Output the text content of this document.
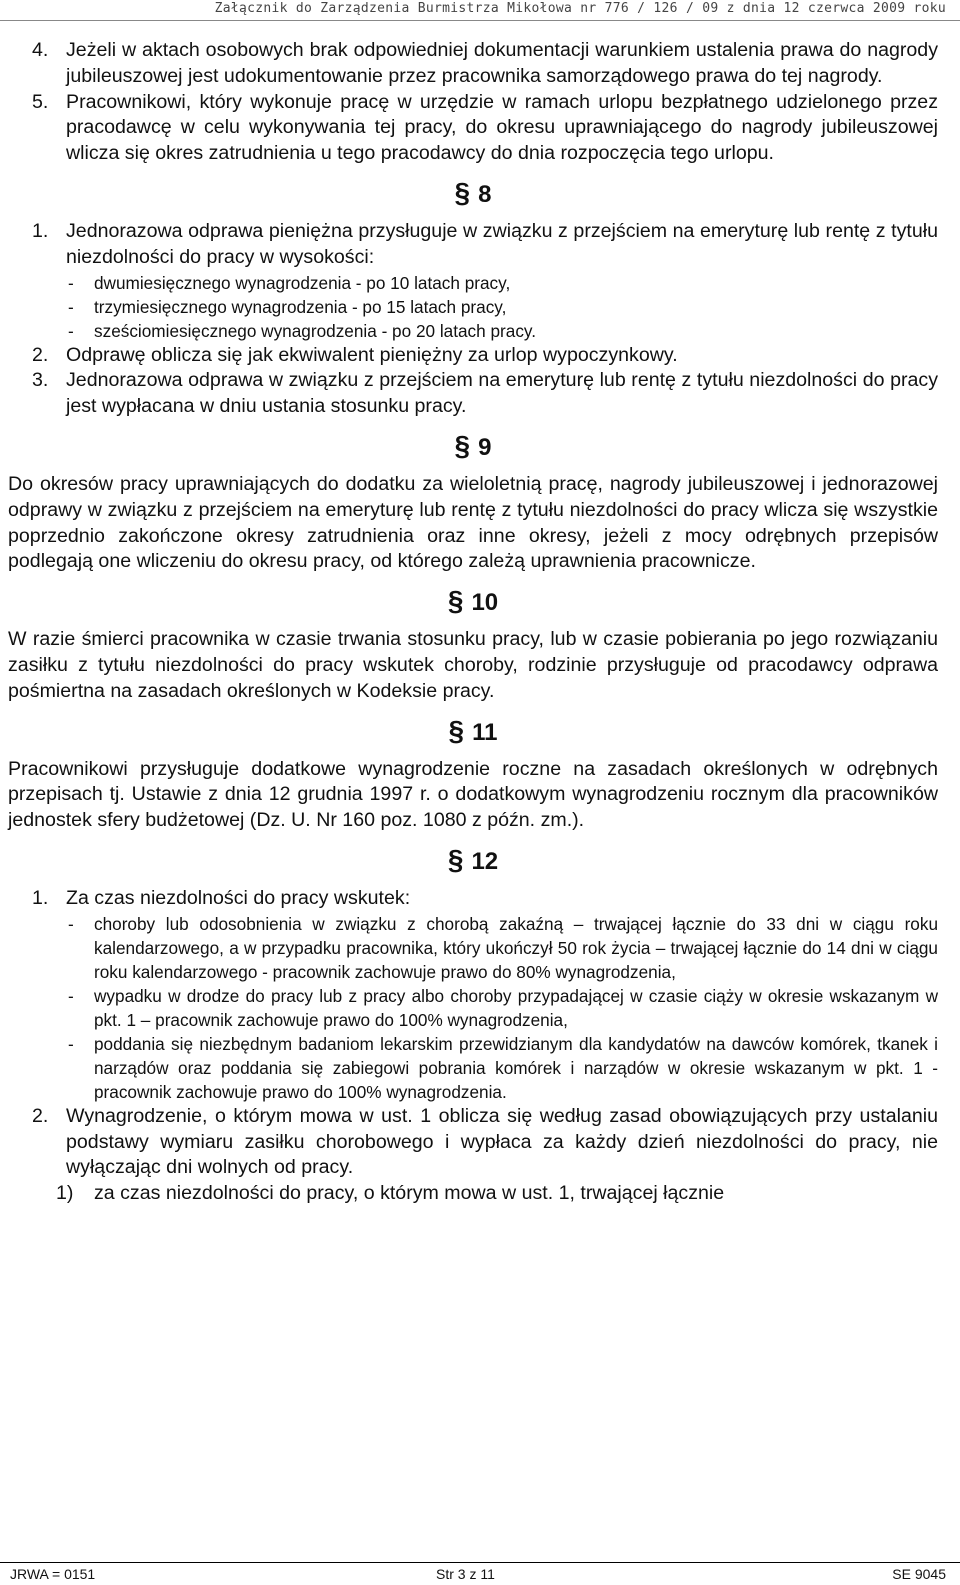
Załącznik do Zarządzenia Burmistrza Mikołowa nr 776 / 126 / 09 z dnia 12 czerwca 2009 roku
4. Jeżeli w aktach osobowych brak odpowiedniej dokumentacji warunkiem ustalenia prawa do nagrody jubileuszowej jest udokumentowanie przez pracownika samorządowego prawa do tej nagrody.
5. Pracownikowi, który wykonuje pracę w urzędzie w ramach urlopu bezpłatnego udzielonego przez pracodawcę w celu wykonywania tej pracy, do okresu uprawniającego do nagrody jubileuszowej wlicza się okres zatrudnienia u tego pracodawcy do dnia rozpoczęcia tego urlopu.
§ 8
1. Jednorazowa odprawa pieniężna przysługuje w związku z przejściem na emeryturę lub rentę z tytułu niezdolności do pracy w wysokości:
- dwumiesięcznego wynagrodzenia - po 10 latach pracy,
- trzymiesięcznego wynagrodzenia - po 15 latach pracy,
- sześciomiesięcznego wynagrodzenia - po 20 latach pracy.
2. Odprawę oblicza się jak ekwiwalent pieniężny za urlop wypoczynkowy.
3. Jednorazowa odprawa w związku z przejściem na emeryturę lub rentę z tytułu niezdolności do pracy jest wypłacana w dniu ustania stosunku pracy.
§ 9

Do okresów pracy uprawniających do dodatku za wieloletnią pracę, nagrody jubileuszowej i jednorazowej odprawy w związku z przejściem na emeryturę lub rentę z tytułu niezdolności do pracy wlicza się wszystkie poprzednio zakończone okresy zatrudnienia oraz inne okresy, jeżeli z mocy odrębnych przepisów podlegają one wliczeniu do okresu pracy, od którego zależą uprawnienia pracownicze.

§ 10

W razie śmierci pracownika w czasie trwania stosunku pracy, lub w czasie pobierania po jego rozwiązaniu zasiłku z tytułu niezdolności do pracy wskutek choroby, rodzinie przysługuje od pracodawcy odprawa pośmiertna na zasadach określonych w Kodeksie pracy.

§ 11

Pracownikowi przysługuje dodatkowe wynagrodzenie roczne na zasadach określonych w odrębnych przepisach tj. Ustawie z dnia 12 grudnia 1997 r. o dodatkowym wynagrodzeniu rocznym dla pracowników jednostek sfery budżetowej (Dz. U. Nr 160 poz. 1080 z późn. zm.).

§ 12
1. Za czas niezdolności do pracy wskutek:
- choroby lub odosobnienia w związku z chorobą zakaźną – trwającej łącznie do 33 dni w ciągu roku kalendarzowego, a w przypadku pracownika, który ukończył 50 rok życia – trwającej łącznie do 14 dni w ciągu roku kalendarzowego - pracownik zachowuje prawo do 80% wynagrodzenia,
- wypadku w drodze do pracy lub z pracy albo choroby przypadającej w czasie ciąży w okresie wskazanym w pkt. 1 – pracownik zachowuje prawo do 100% wynagrodzenia,
- poddania się niezbędnym badaniom lekarskim przewidzianym dla kandydatów na dawców komórek, tkanek i narządów oraz poddania się zabiegowi pobrania komórek i narządów w okresie wskazanym w pkt. 1 - pracownik zachowuje prawo do 100% wynagrodzenia.
2. Wynagrodzenie, o którym mowa w ust. 1 oblicza się według zasad obowiązujących przy ustalaniu podstawy wymiaru zasiłku chorobowego i wypłaca za każdy dzień niezdolności do pracy, nie wyłączając dni wolnych od pracy.
1) za czas niezdolności do pracy, o którym mowa w ust. 1, trwającej łącznie
JRWA = 0151	Str 3 z 11	SE 9045
